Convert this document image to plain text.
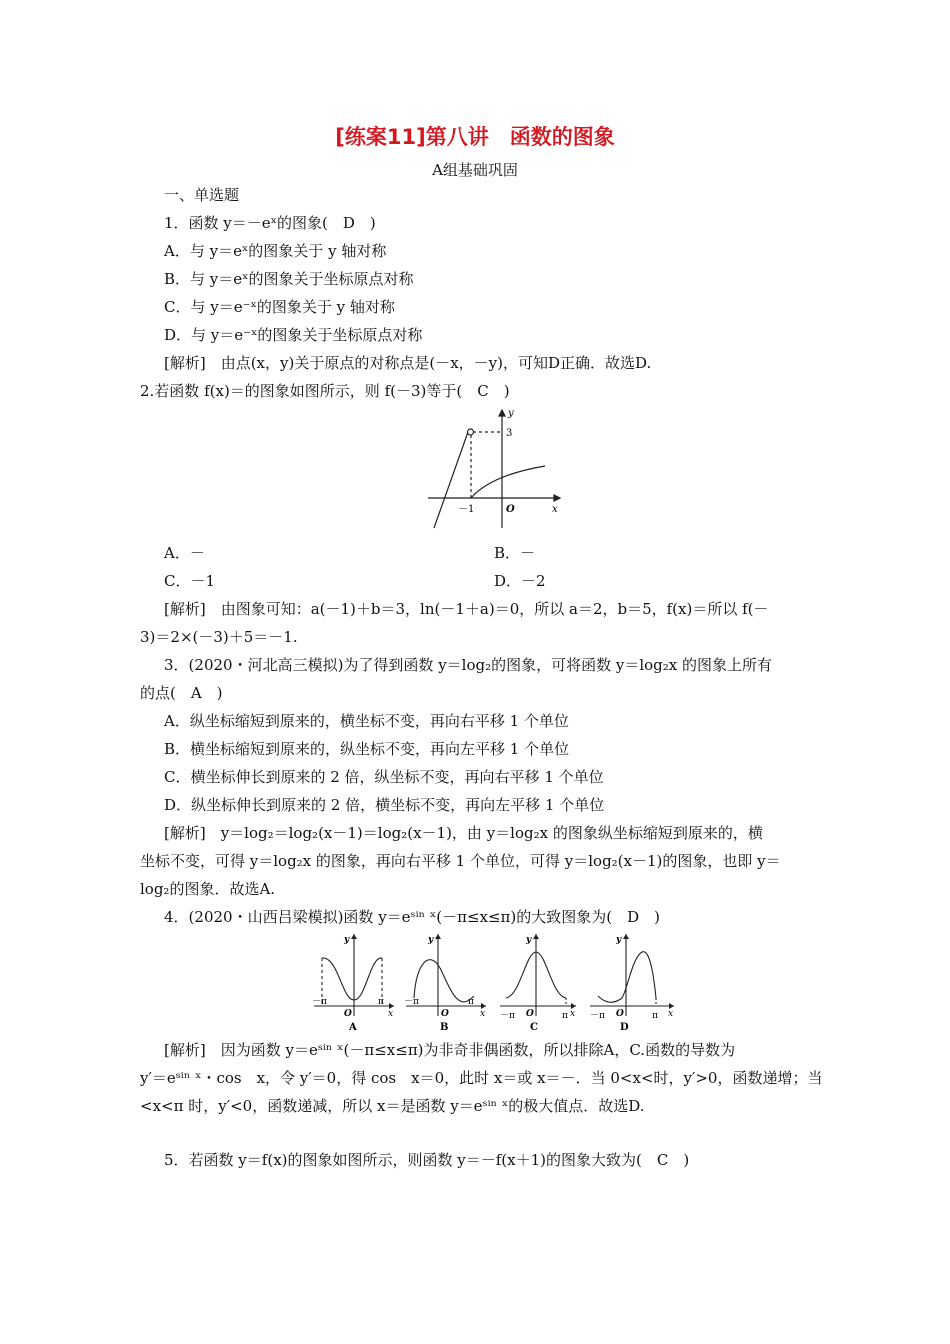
[练案11]第八讲　函数的图象
A组基础巩固
一、单选题
1．函数 y＝－eˣ的图象(　D　)
A．与 y＝eˣ的图象关于 y 轴对称
B．与 y＝eˣ的图象关于坐标原点对称
C．与 y＝e⁻ˣ的图象关于 y 轴对称
D．与 y＝e⁻ˣ的图象关于坐标原点对称
[解析]　由点(x，y)关于原点的对称点是(－x，－y)，可知D正确．故选D.
2.若函数 f(x)＝的图象如图所示，则 f(－3)等于(　C　)
y
x
3
－1	O
A．－	B．－
C．－1	D．－2
[解析]　由图象可知：a(－1)＋b＝3，ln(－1＋a)＝0，所以 a＝2，b＝5，f(x)＝所以 f(－
3)＝2×(－3)＋5＝－1.
3．(2020・河北高三模拟)为了得到函数 y＝log₂的图象，可将函数 y＝log₂x 的图象上所有
的点(　A　)
A．纵坐标缩短到原来的，横坐标不变，再向右平移 1 个单位
B．横坐标缩短到原来的，纵坐标不变，再向左平移 1 个单位
C．横坐标伸长到原来的 2 倍，纵坐标不变，再向右平移 1 个单位
D．纵坐标伸长到原来的 2 倍，横坐标不变，再向左平移 1 个单位
[解析]　y＝log₂＝log₂(x－1)＝log₂(x－1)，由 y＝log₂x 的图象纵坐标缩短到原来的，横
坐标不变，可得 y＝log₂x 的图象，再向右平移 1 个单位，可得 y＝log₂(x－1)的图象，也即 y＝
log₂的图象．故选A.
4．(2020・山西吕梁模拟)函数 y＝eˢⁱⁿ ˣ(－π≤x≤π)的大致图象为(　D　)
y
x
O
－π	π
A
y
x
O
－π	π
B
y
x
O
－π	π
C
y
x
O
－π	π
D
[解析]　因为函数 y＝eˢⁱⁿ ˣ(－π≤x≤π)为非奇非偶函数，所以排除A，C.函数的导数为
y′＝eˢⁱⁿ ˣ・cos　x，令 y′＝0，得 cos　x＝0，此时 x＝或 x＝－．当 0<x<时，y′>0，函数递增；当
<x<π 时，y′<0，函数递减，所以 x＝是函数 y＝eˢⁱⁿ ˣ的极大值点．故选D.
5．若函数 y＝f(x)的图象如图所示，则函数 y＝－f(x＋1)的图象大致为(　C　)
